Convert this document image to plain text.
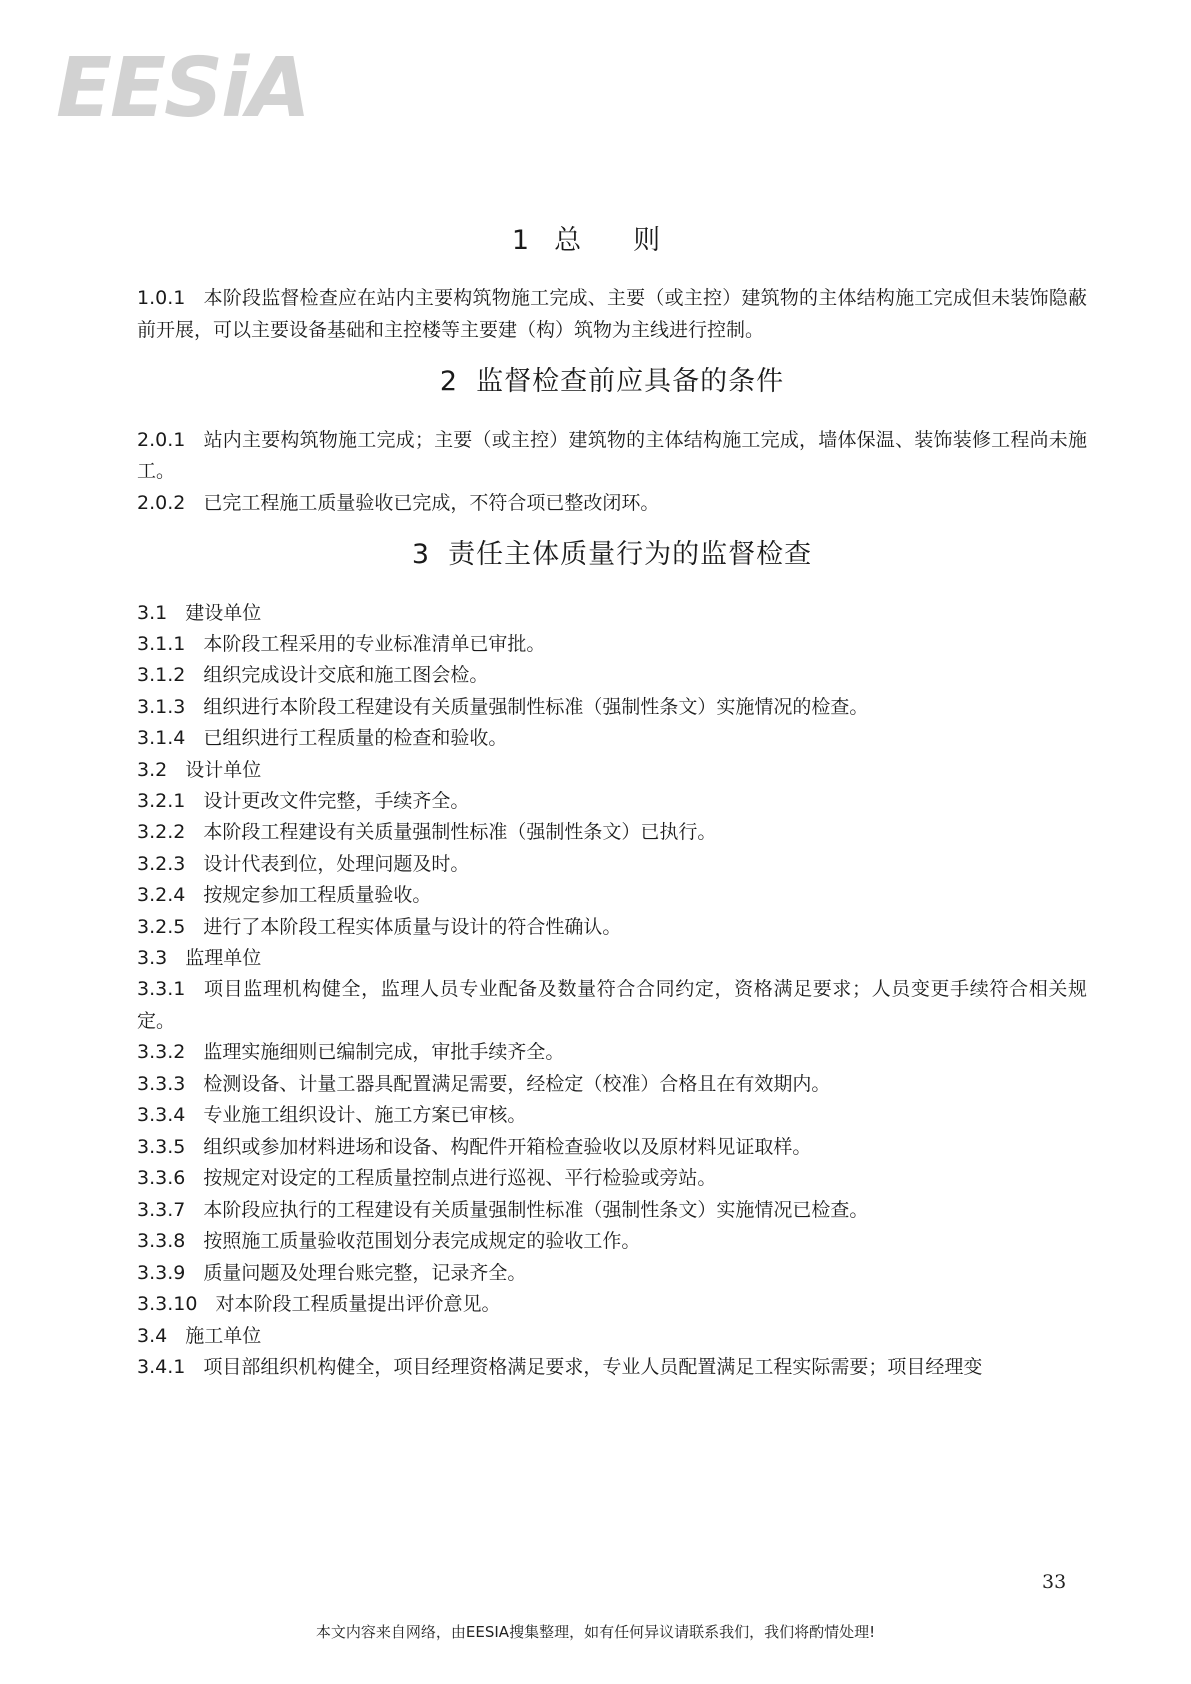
EESiA
1 总则

1.0.1 本阶段监督检查应在站内主要构筑物施工完成、主要（或主控）建筑物的主体结构施工完成但未装饰隐蔽前开展，可以主要设备基础和主控楼等主要建（构）筑物为主线进行控制。

2 监督检查前应具备的条件

2.0.1 站内主要构筑物施工完成；主要（或主控）建筑物的主体结构施工完成，墙体保温、装饰装修工程尚未施工。

2.0.2 已完工程施工质量验收已完成，不符合项已整改闭环。

3 责任主体质量行为的监督检查
3.1 建设单位

3.1.1 本阶段工程采用的专业标准清单已审批。

3.1.2 组织完成设计交底和施工图会检。

3.1.3 组织进行本阶段工程建设有关质量强制性标准（强制性条文）实施情况的检查。

3.1.4 已组织进行工程质量的检查和验收。

3.2 设计单位

3.2.1 设计更改文件完整，手续齐全。

3.2.2 本阶段工程建设有关质量强制性标准（强制性条文）已执行。

3.2.3 设计代表到位，处理问题及时。

3.2.4 按规定参加工程质量验收。

3.2.5 进行了本阶段工程实体质量与设计的符合性确认。

3.3 监理单位

3.3.1 项目监理机构健全，监理人员专业配备及数量符合合同约定，资格满足要求；人员变更手续符合相关规定。

3.3.2 监理实施细则已编制完成，审批手续齐全。

3.3.3 检测设备、计量工器具配置满足需要，经检定（校准）合格且在有效期内。

3.3.4 专业施工组织设计、施工方案已审核。

3.3.5 组织或参加材料进场和设备、构配件开箱检查验收以及原材料见证取样。

3.3.6 按规定对设定的工程质量控制点进行巡视、平行检验或旁站。

3.3.7 本阶段应执行的工程建设有关质量强制性标准（强制性条文）实施情况已检查。

3.3.8 按照施工质量验收范围划分表完成规定的验收工作。

3.3.9 质量问题及处理台账完整，记录齐全。

3.3.10 对本阶段工程质量提出评价意见。

3.4 施工单位

3.4.1 项目部组织机构健全，项目经理资格满足要求，专业人员配置满足工程实际需要；项目经理变

33
本文内容来自网络，由EESIA搜集整理，如有任何异议请联系我们，我们将酌情处理!
